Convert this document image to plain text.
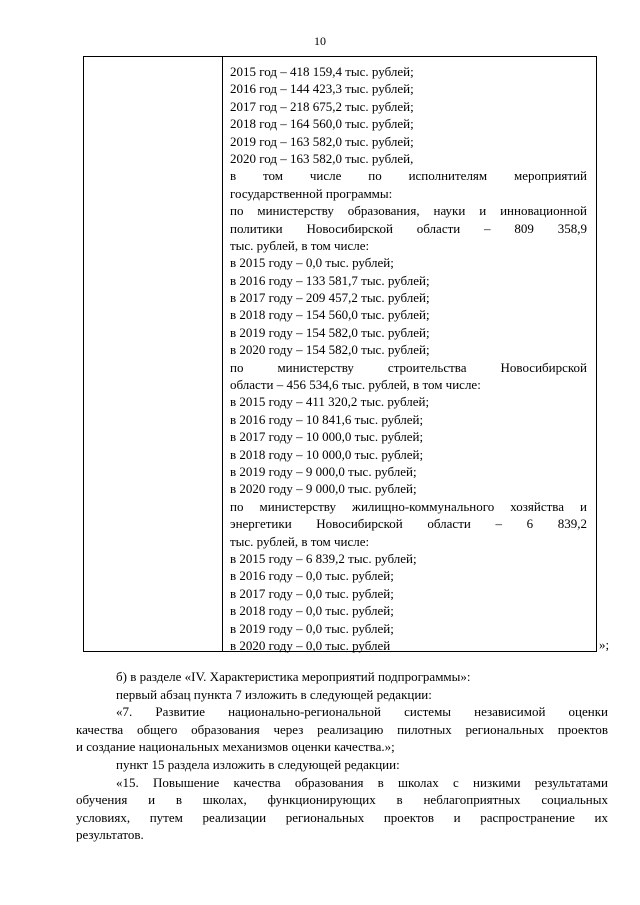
10
2015 год – 418 159,4 тыс. рублей;
2016 год – 144 423,3 тыс. рублей;
2017 год – 218 675,2 тыс. рублей;
2018 год – 164 560,0 тыс. рублей;
2019 год – 163 582,0 тыс. рублей;
2020 год – 163 582,0 тыс. рублей,
в том числе по исполнителям мероприятий
государственной программы:
по министерству образования, науки и инновационной
политики Новосибирской области – 809 358,9
тыс. рублей, в том числе:
в 2015 году – 0,0 тыс. рублей;
в 2016 году – 133 581,7 тыс. рублей;
в 2017 году – 209 457,2 тыс. рублей;
в 2018 году – 154 560,0 тыс. рублей;
в 2019 году – 154 582,0 тыс. рублей;
в 2020 году – 154 582,0 тыс. рублей;
по министерству строительства Новосибирской
области – 456 534,6 тыс. рублей, в том числе:
в 2015 году – 411 320,2 тыс. рублей;
в 2016 году – 10 841,6 тыс. рублей;
в 2017 году – 10 000,0 тыс. рублей;
в 2018 году – 10 000,0 тыс. рублей;
в 2019 году – 9 000,0 тыс. рублей;
в 2020 году – 9 000,0 тыс. рублей;
по министерству жилищно-коммунального хозяйства и
энергетики Новосибирской области – 6 839,2
тыс. рублей, в том числе:
в 2015 году – 6 839,2 тыс. рублей;
в 2016 году – 0,0 тыс. рублей;
в 2017 году – 0,0 тыс. рублей;
в 2018 году – 0,0 тыс. рублей;
в 2019 году – 0,0 тыс. рублей;
в 2020 году – 0,0 тыс. рублей	»;
б) в разделе «IV. Характеристика мероприятий подпрограммы»:
первый абзац пункта 7 изложить в следующей редакции:
«7. Развитие национально-региональной системы независимой оценки
качества общего образования через реализацию пилотных региональных проектов
и создание национальных механизмов оценки качества.»;
пункт 15 раздела изложить в следующей редакции:
«15. Повышение качества образования в школах с низкими результатами
обучения и в школах, функционирующих в неблагоприятных социальных
условиях, путем реализации региональных проектов и распространение их
результатов.
